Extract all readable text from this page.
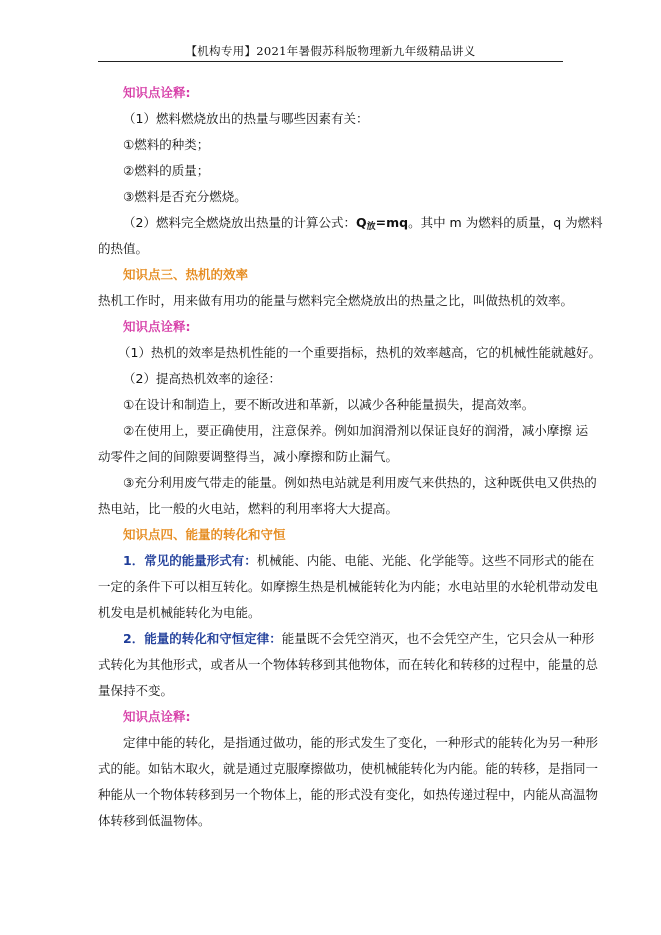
【机构专用】2021年暑假苏科版物理新九年级精品讲义
知识点诠释:
（1）燃料燃烧放出的热量与哪些因素有关：
①燃料的种类；
②燃料的质量；
③燃料是否充分燃烧。
（2）燃料完全燃烧放出热量的计算公式：$Q_放=mq$。其中 m 为燃料的质量，q 为燃料
的热值。
知识点三、热机的效率
热机工作时，用来做有用功的能量与燃料完全燃烧放出的热量之比，叫做热机的效率。
知识点诠释:
（1）热机的效率是热机性能的一个重要指标，热机的效率越高，它的机械性能就越好。
（2）提高热机效率的途径：
①在设计和制造上，要不断改进和革新，以减少各种能量损失，提高效率。
②在使用上，要正确使用，注意保养。例如加润滑剂以保证良好的润滑，减小摩擦 运
动零件之间的间隙要调整得当，减小摩擦和防止漏气。
③充分利用废气带走的能量。例如热电站就是利用废气来供热的，这种既供电又供热的
热电站，比一般的火电站，燃料的利用率将大大提高。
知识点四、能量的转化和守恒
1．常见的能量形式有：机械能、内能、电能、光能、化学能等。这些不同形式的能在
一定的条件下可以相互转化。如摩擦生热是机械能转化为内能；水电站里的水轮机带动发电
机发电是机械能转化为电能。
2．能量的转化和守恒定律：能量既不会凭空消灭，也不会凭空产生，它只会从一种形
式转化为其他形式，或者从一个物体转移到其他物体，而在转化和转移的过程中，能量的总
量保持不变。
知识点诠释:
定律中能的转化，是指通过做功，能的形式发生了变化，一种形式的能转化为另一种形
式的能。如钻木取火，就是通过克服摩擦做功，使机械能转化为内能。能的转移，是指同一
种能从一个物体转移到另一个物体上，能的形式没有变化，如热传递过程中，内能从高温物
体转移到低温物体。
